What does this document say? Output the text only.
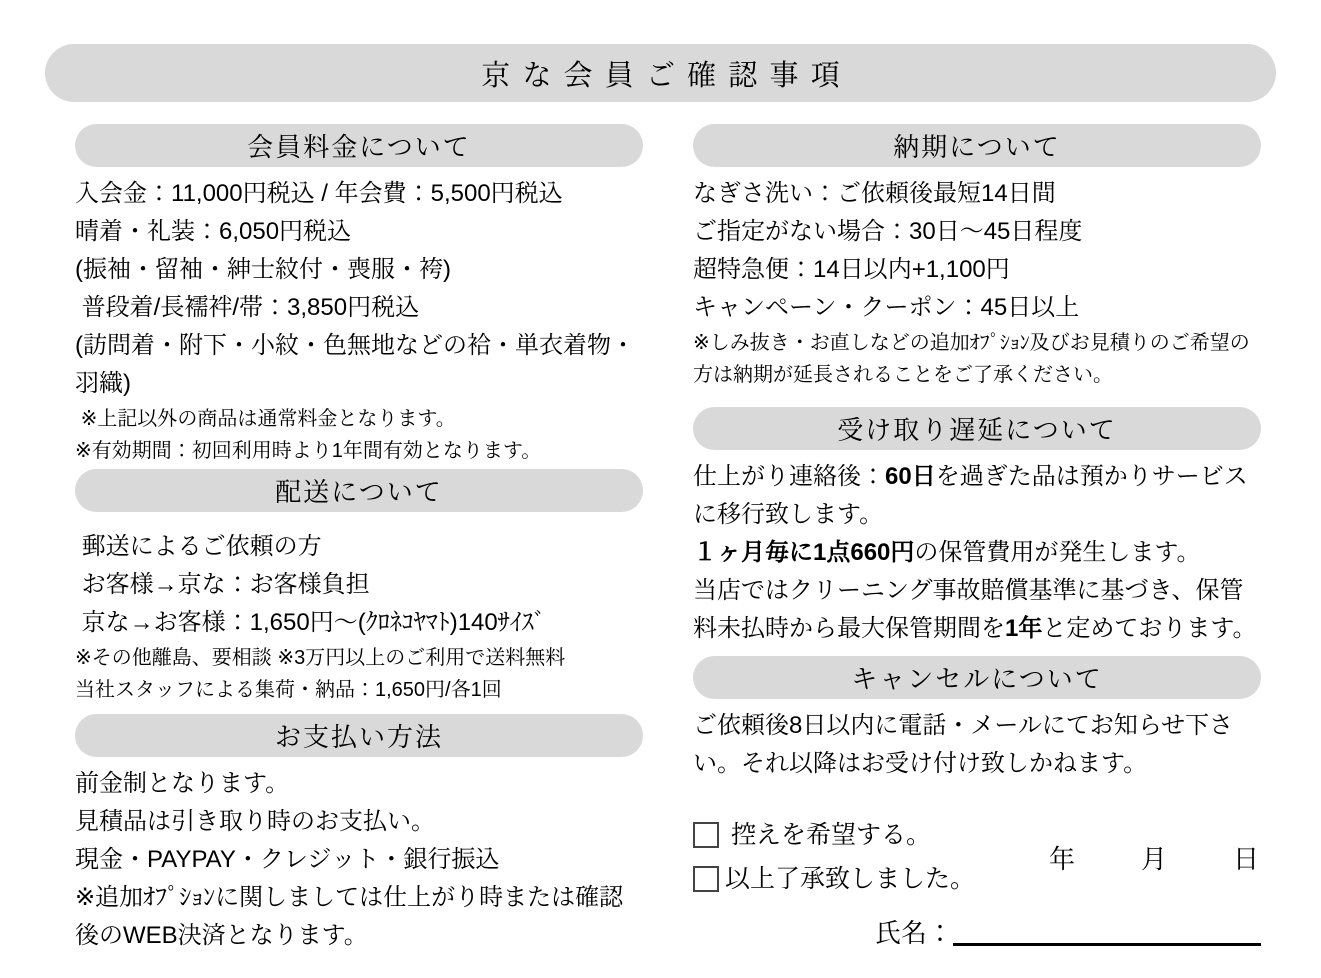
京な会員ご確認事項
会員料金について
入会金：11,000円税込 / 年会費：5,500円税込
晴着・礼装：6,050円税込
(振袖・留袖・紳士紋付・喪服・袴)
普段着/長襦袢/帯：3,850円税込
(訪問着・附下・小紋・色無地などの袷・単衣着物・羽織)
※上記以外の商品は通常料金となります。
※有効期間：初回利用時より1年間有効となります。
配送について
郵送によるご依頼の方
お客様→京な：お客様負担
京な→お客様：1,650円〜(ｸﾛﾈｺﾔﾏﾄ)140ｻｲｽﾞ
※その他離島、要相談 ※3万円以上のご利用で送料無料
当社スタッフによる集荷・納品：1,650円/各1回
お支払い方法
前金制となります。
見積品は引き取り時のお支払い。
現金・PAYPAY・クレジット・銀行振込
※追加ｵﾌﾟｼｮﾝに関しましては仕上がり時または確認後のWEB決済となります。
納期について
なぎさ洗い：ご依頼後最短14日間
ご指定がない場合：30日〜45日程度
超特急便：14日以内+1,100円
キャンペーン・クーポン：45日以上
※しみ抜き・お直しなどの追加ｵﾌﾟｼｮﾝ及びお見積りのご希望の方は納期が延長されることをご了承ください。
受け取り遅延について
仕上がり連絡後：60日を過ぎた品は預かりサービスに移行致します。
１ヶ月毎に1点660円の保管費用が発生します。
当店ではクリーニング事故賠償基準に基づき、保管料未払時から最大保管期間を1年と定めております。
キャンセルについて
ご依頼後8日以内に電話・メールにてお知らせ下さい。それ以降はお受け付け致しかねます。
控えを希望する。
以上了承致しました。
年	月	日
氏名：
